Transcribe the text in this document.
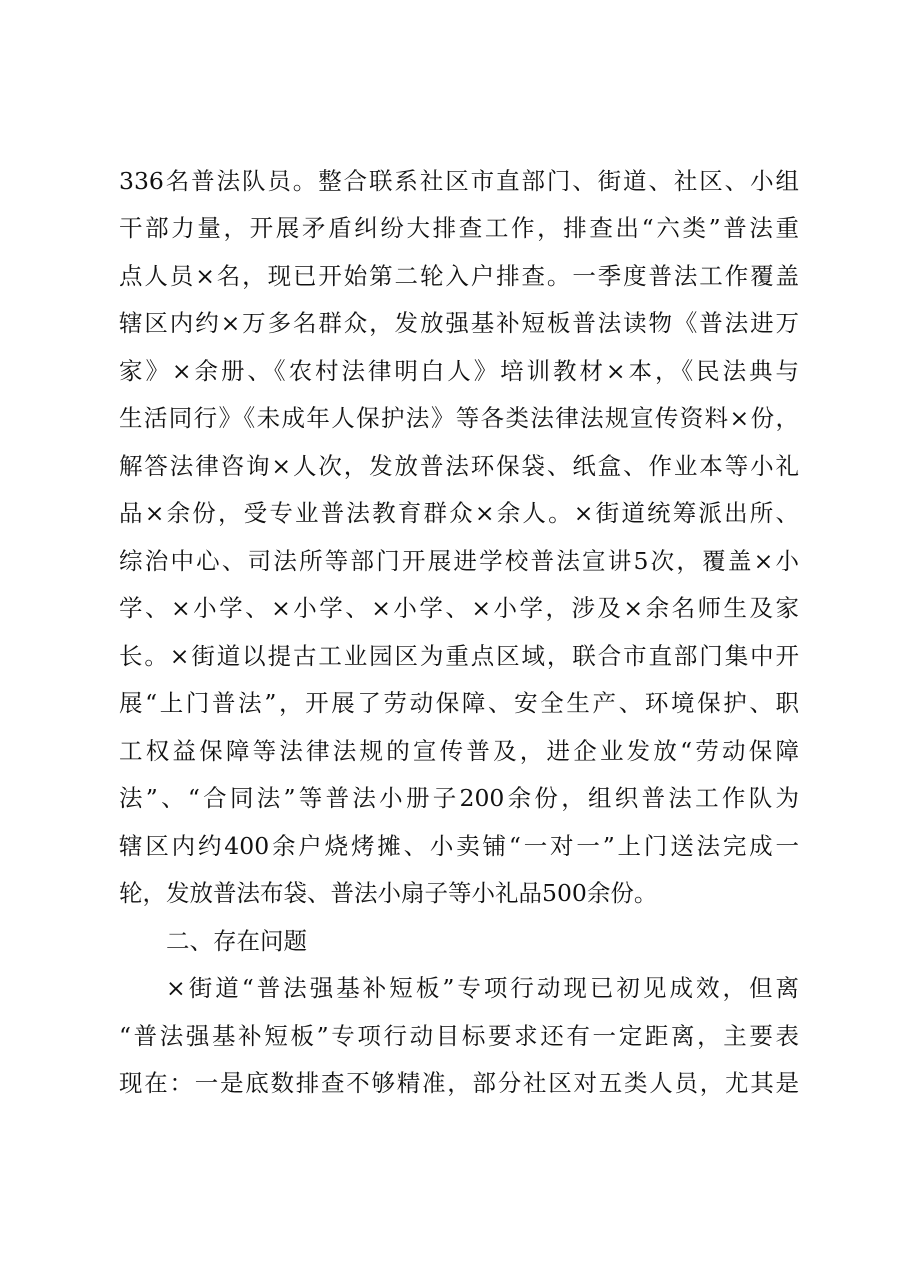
336名普法队员。整合联系社区市直部门、街道、社区、小组
干部力量，开展矛盾纠纷大排查工作，排查出“六类”普法重
点人员×名，现已开始第二轮入户排查。一季度普法工作覆盖
辖区内约×万多名群众，发放强基补短板普法读物《普法进万
家》×余册、《农村法律明白人》培训教材×本，《民法典与
生活同行》《未成年人保护法》等各类法律法规宣传资料×份，
解答法律咨询×人次，发放普法环保袋、纸盒、作业本等小礼
品×余份，受专业普法教育群众×余人。×街道统筹派出所、
综治中心、司法所等部门开展进学校普法宣讲5次，覆盖×小
学、×小学、×小学、×小学、×小学，涉及×余名师生及家
长。×街道以提古工业园区为重点区域，联合市直部门集中开
展“上门普法”，开展了劳动保障、安全生产、环境保护、职
工权益保障等法律法规的宣传普及，进企业发放“劳动保障
法”、“合同法”等普法小册子200余份，组织普法工作队为
辖区内约400余户烧烤摊、小卖铺“一对一”上门送法完成一
轮，发放普法布袋、普法小扇子等小礼品500余份。
二、存在问题
×街道“普法强基补短板”专项行动现已初见成效，但离
“普法强基补短板”专项行动目标要求还有一定距离，主要表
现在：一是底数排查不够精准，部分社区对五类人员，尤其是
